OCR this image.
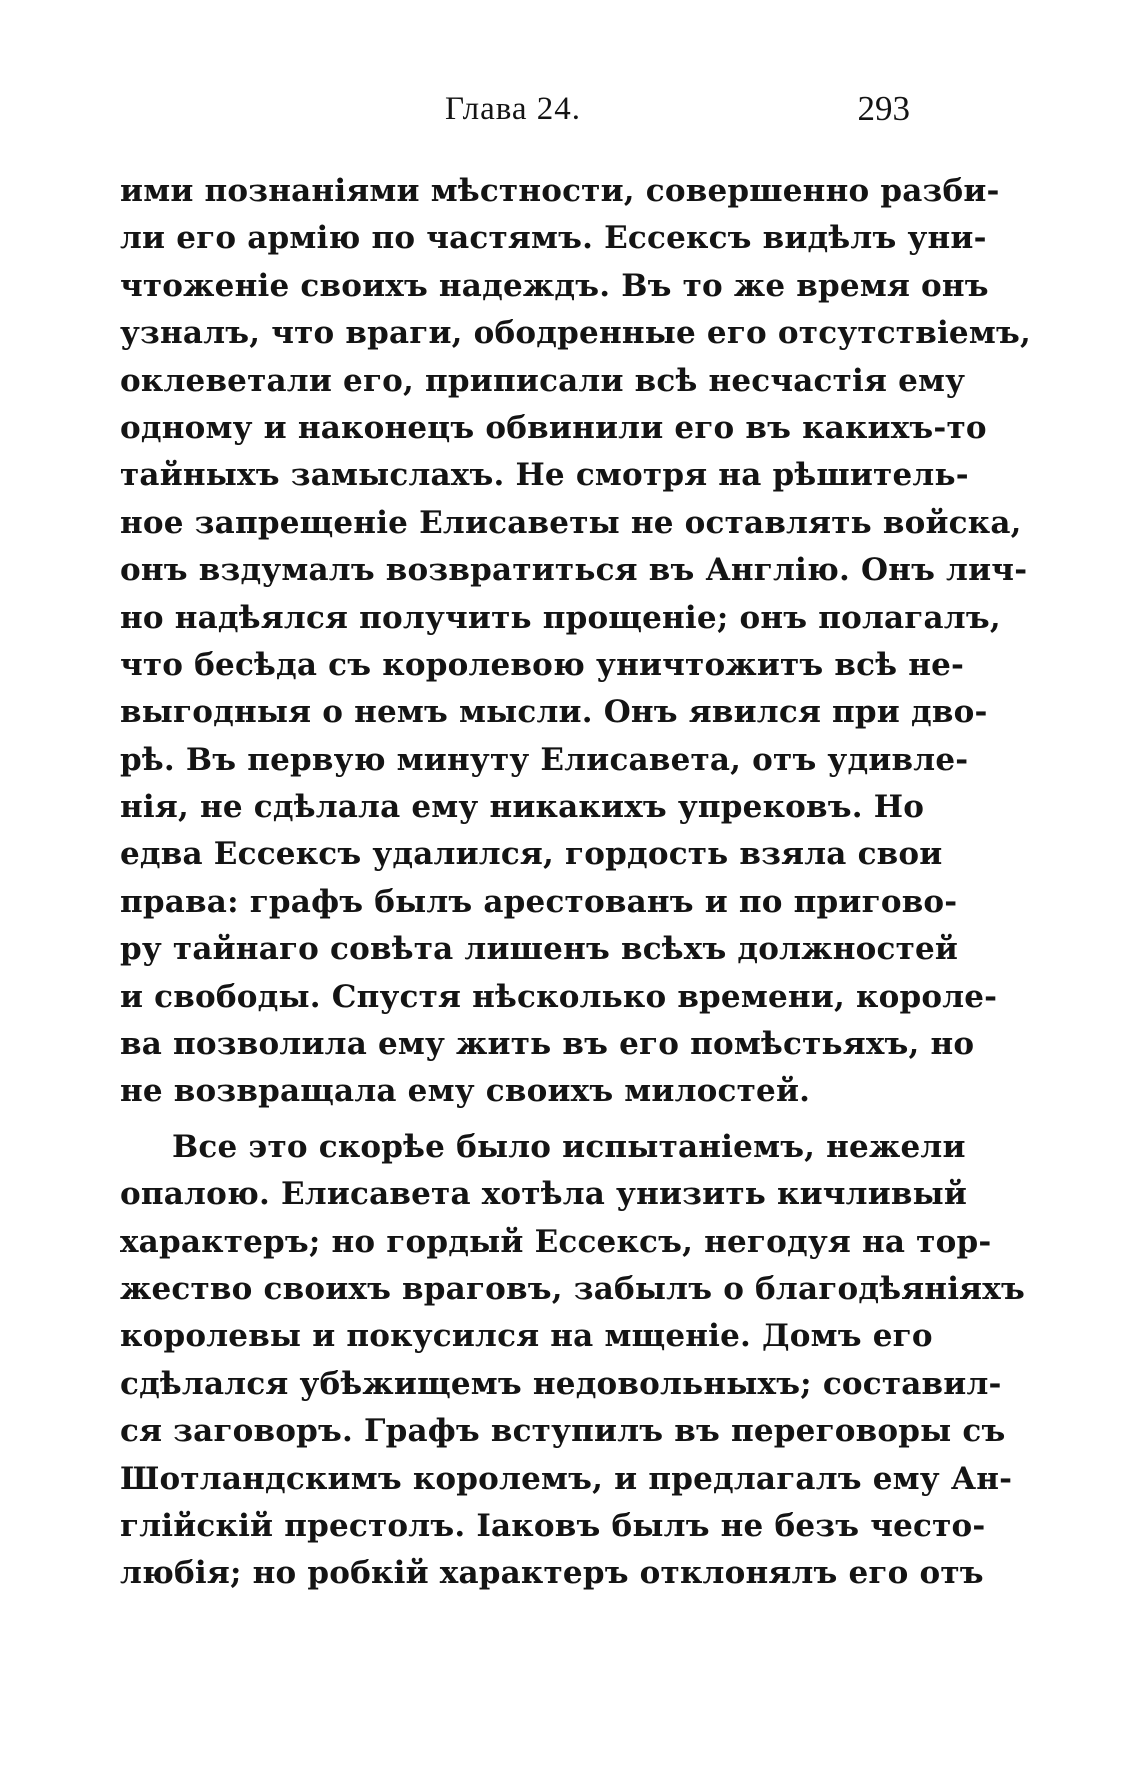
Глава 24.	293
ими познаніями мѣстности, совершенно разби-
ли его армію по частямъ. Ессексъ видѣлъ уни-
чтоженіе своихъ надеждъ. Въ то же время онъ
узналъ, что враги, ободренные его отсутствіемъ,
оклеветали его, приписали всѣ несчастія ему
одному и наконецъ обвинили его въ какихъ-то
тайныхъ замыслахъ. Не смотря на рѣшитель-
ное запрещеніе Елисаветы не оставлять войска,
онъ вздумалъ возвратиться въ Англію. Онъ лич-
но надѣялся получить прощеніе; онъ полагалъ,
что бесѣда съ королевою уничтожитъ всѣ не-
выгодныя о немъ мысли. Онъ явился при дво-
рѣ. Въ первую минуту Елисавета, отъ удивле-
нія, не сдѣлала ему никакихъ упрековъ. Но
едва Ессексъ удалился, гордость взяла свои
права: графъ былъ арестованъ и по пригово-
ру тайнаго совѣта лишенъ всѣхъ должностей
и свободы. Спустя нѣсколько времени, короле-
ва позволила ему жить въ его помѣстьяхъ, но
не возвращала ему своихъ милостей.
Все это скорѣе было испытаніемъ, нежели
опалою. Елисавета хотѣла унизить кичливый
характеръ; но гордый Ессексъ, негодуя на тор-
жество своихъ враговъ, забылъ о благодѣяніяхъ
королевы и покусился на мщеніе. Домъ его
сдѣлался убѣжищемъ недовольныхъ; составил-
ся заговоръ. Графъ вступилъ въ переговоры съ
Шотландскимъ королемъ, и предлагалъ ему Ан-
глійскій престолъ. Іаковъ былъ не безъ често-
любія; но робкій характеръ отклонялъ его отъ
